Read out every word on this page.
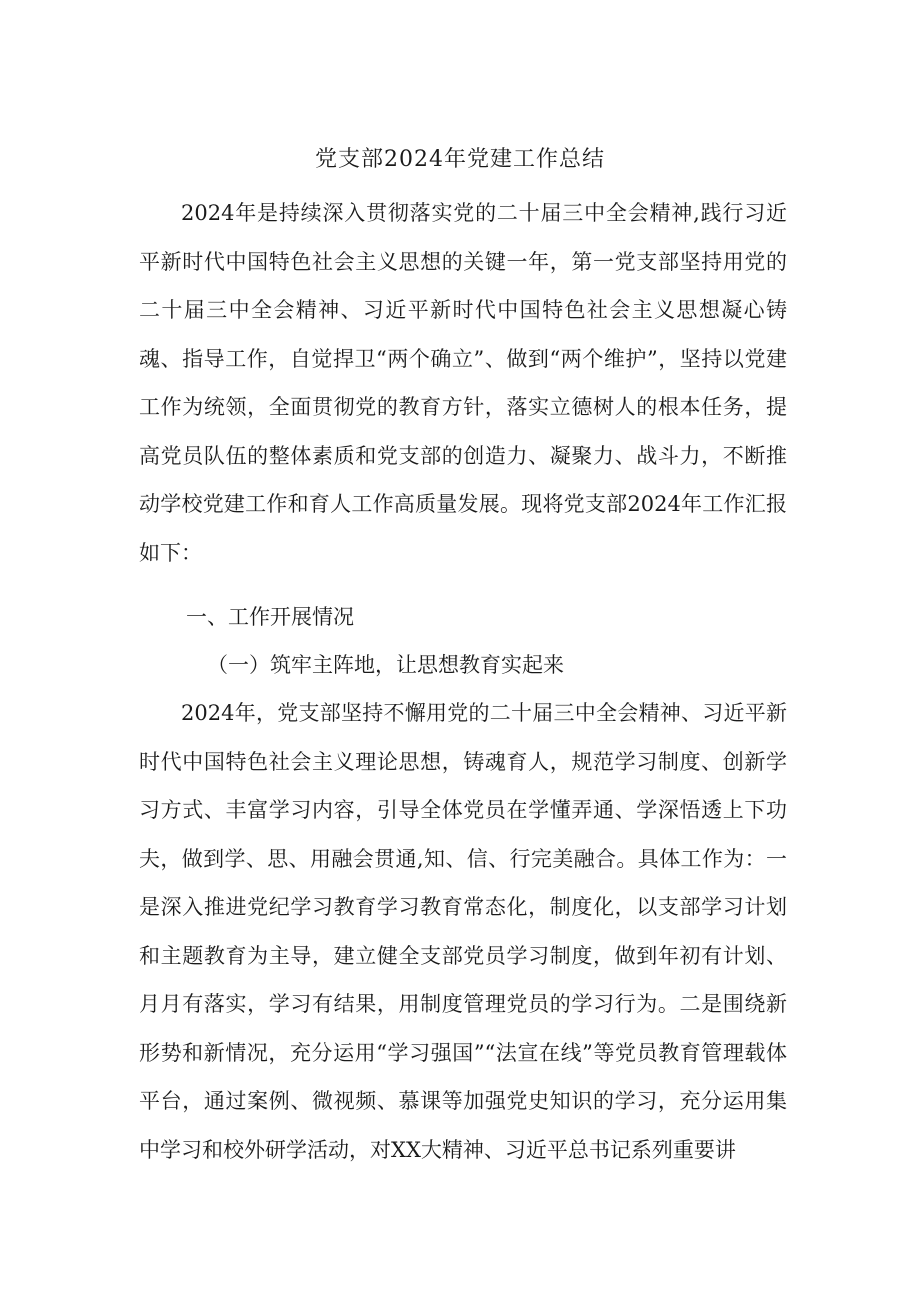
党支部2024年党建工作总结

2024年是持续深入贯彻落实党的二十届三中全会精神,践行习近平新时代中国特色社会主义思想的关键一年，第一党支部坚持用党的二十届三中全会精神、习近平新时代中国特色社会主义思想凝心铸魂、指导工作，自觉捍卫“两个确立”、做到“两个维护”，坚持以党建工作为统领，全面贯彻党的教育方针，落实立德树人的根本任务，提高党员队伍的整体素质和党支部的创造力、凝聚力、战斗力，不断推动学校党建工作和育人工作高质量发展。现将党支部2024年工作汇报如下：

一、工作开展情况
（一）筑牢主阵地，让思想教育实起来

2024年，党支部坚持不懈用党的二十届三中全会精神、习近平新时代中国特色社会主义理论思想，铸魂育人，规范学习制度、创新学习方式、丰富学习内容，引导全体党员在学懂弄通、学深悟透上下功夫，做到学、思、用融会贯通,知、信、行完美融合。具体工作为：一是深入推进党纪学习教育学习教育常态化，制度化，以支部学习计划和主题教育为主导，建立健全支部党员学习制度，做到年初有计划、月月有落实，学习有结果，用制度管理党员的学习行为。二是围绕新形势和新情况，充分运用“学习强国”“法宣在线”等党员教育管理载体平台，通过案例、微视频、慕课等加强党史知识的学习，充分运用集中学习和校外研学活动，对XX大精神、习近平总书记系列重要讲
